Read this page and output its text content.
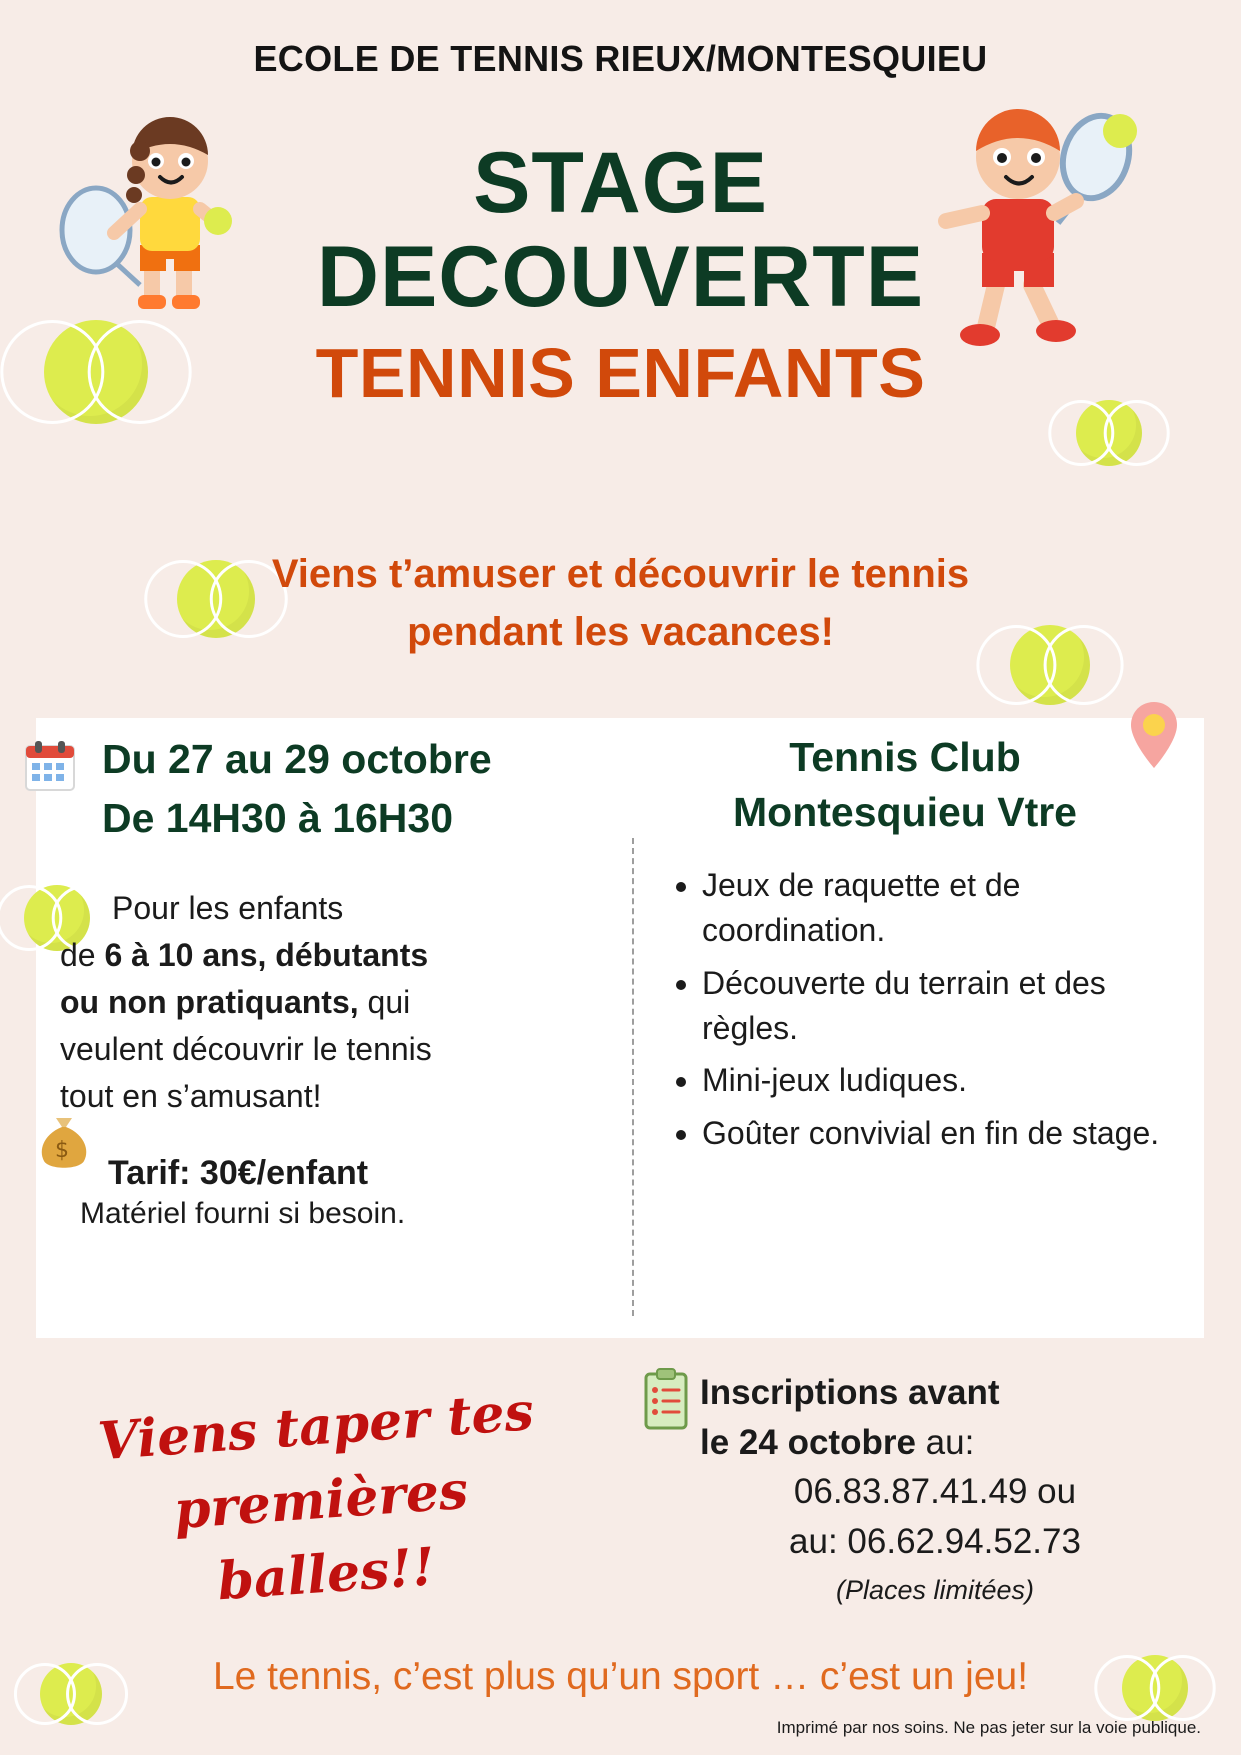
ECOLE DE TENNIS RIEUX/MONTESQUIEU
STAGE
DECOUVERTE
TENNIS ENFANTS
Viens t’amuser et découvrir le tennis
pendant les vacances!
$
Du 27 au 29 octobre
De 14H30 à 16H30
Pour les enfants
de 6 à 10 ans, débutants
ou non pratiquants, qui
veulent découvrir le tennis
tout en s’amusant!
Tarif: 30€/enfant
Matériel fourni si besoin.
Tennis Club
Montesquieu Vtre
• Jeux de raquette et de coordination.
• Découverte du terrain et des règles.
• Mini-jeux ludiques.
• Goûter convivial en fin de stage.
Viens taper tes
premières balles!!
Inscriptions avant
le 24 octobre au:
06.83.87.41.49 ou
au: 06.62.94.52.73
(Places limitées)
Le tennis, c’est plus qu’un sport … c’est un jeu!
Imprimé par nos soins. Ne pas jeter sur la voie publique.
